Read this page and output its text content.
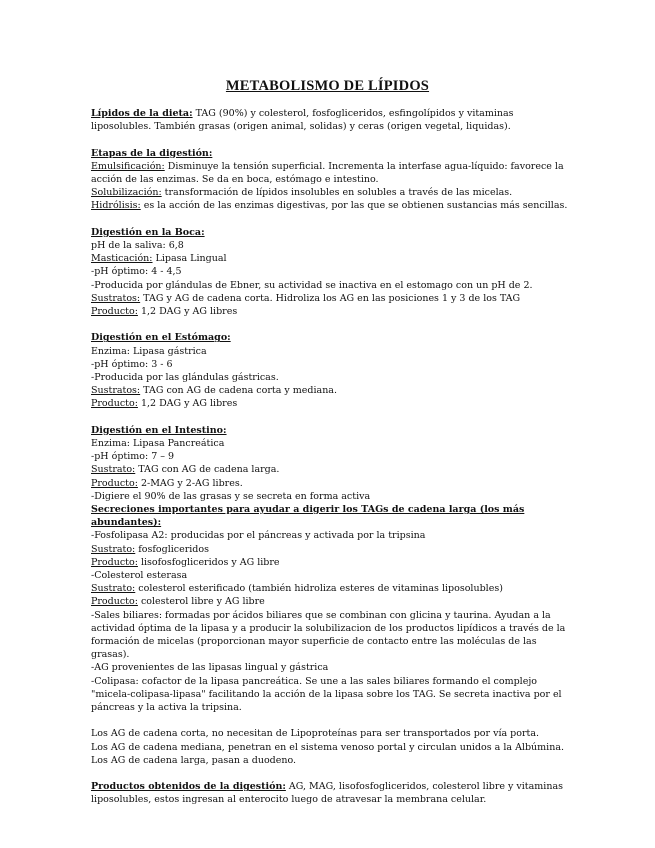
METABOLISMO DE LÍPIDOS

Lípidos de la dieta: TAG (90%) y colesterol, fosfogliceridos, esfingolípidos y vitaminas liposolubles. También grasas (origen animal, solidas) y ceras (origen vegetal, liquidas).

Etapas de la digestión:

Emulsificación: Disminuye la tensión superficial. Incrementa la interfase agua-líquido: favorece la acción de las enzimas. Se da en boca, estómago e intestino.

Solubilización: transformación de lípidos insolubles en solubles a través de las micelas.

Hidrólisis: es la acción de las enzimas digestivas, por las que se obtienen sustancias más sencillas.

Digestión en la Boca:

pH de la saliva: 6,8

Masticación: Lipasa Lingual

-pH óptimo: 4 - 4,5

-Producida por glándulas de Ebner, su actividad se inactiva en el estomago con un pH de 2.

Sustratos: TAG y AG de cadena corta. Hidroliza los AG en las posiciones 1 y 3 de los TAG

Producto: 1,2 DAG y AG libres

Digestión en el Estómago:

Enzima: Lipasa gástrica

-pH óptimo: 3 - 6

-Producida por las glándulas gástricas.

Sustratos: TAG con AG de cadena corta y mediana.

Producto: 1,2 DAG y AG libres

Digestión en el Intestino:

Enzima: Lipasa Pancreática

-pH óptimo: 7 – 9

Sustrato: TAG con AG de cadena larga.

Producto: 2-MAG y 2-AG libres.

-Digiere el 90% de las grasas y se secreta en forma activa

Secreciones importantes para ayudar a digerir los TAGs de cadena larga (los más abundantes):

-Fosfolipasa A2: producidas por el páncreas y activada por la tripsina

Sustrato: fosfogliceridos

Producto: lisofosfogliceridos y AG libre

-Colesterol esterasa

Sustrato: colesterol esterificado (también hidroliza esteres de vitaminas liposolubles)

Producto: colesterol libre y AG libre

-Sales biliares: formadas por ácidos biliares que se combinan con glicina y taurina. Ayudan a la actividad óptima de la lipasa y a producir la solubilizacion de los productos lipídicos a través de la formación de micelas (proporcionan mayor superficie de contacto entre las moléculas de las grasas).

-AG provenientes de las lipasas lingual y gástrica

-Colipasa: cofactor de la lipasa pancreática. Se une a las sales biliares formando el complejo "micela-colipasa-lipasa" facilitando la acción de la lipasa sobre los TAG. Se secreta inactiva por el páncreas y la activa la tripsina.

Los AG de cadena corta, no necesitan de Lipoproteínas para ser transportados por vía porta.

Los AG de cadena mediana, penetran en el sistema venoso portal y circulan unidos a la Albúmina.

Los AG de cadena larga, pasan a duodeno.

Productos obtenidos de la digestión: AG, MAG, lisofosfogliceridos, colesterol libre y vitaminas liposolubles, estos ingresan al enterocito luego de atravesar la membrana celular.
